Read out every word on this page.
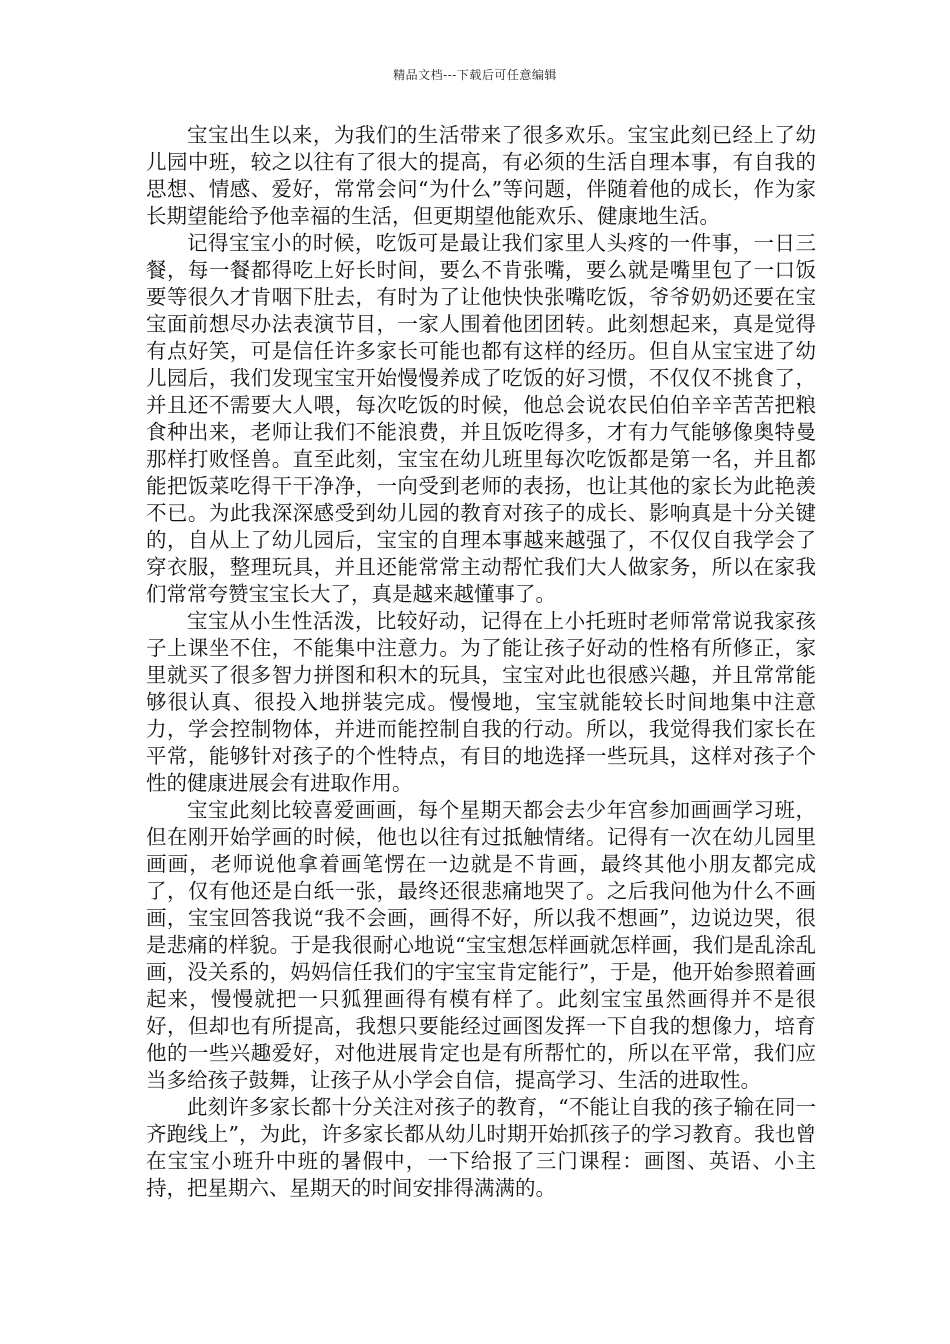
精品文档---下载后可任意编辑

宝宝出生以来，为我们的生活带来了很多欢乐。宝宝此刻已经上了幼儿园中班，较之以往有了很大的提高，有必须的生活自理本事，有自我的思想、情感、爱好，常常会问“为什么”等问题，伴随着他的成长，作为家长期望能给予他幸福的生活，但更期望他能欢乐、健康地生活。

记得宝宝小的时候，吃饭可是最让我们家里人头疼的一件事，一日三餐，每一餐都得吃上好长时间，要么不肯张嘴，要么就是嘴里包了一口饭要等很久才肯咽下肚去，有时为了让他快快张嘴吃饭，爷爷奶奶还要在宝宝面前想尽办法表演节目，一家人围着他团团转。此刻想起来，真是觉得有点好笑，可是信任许多家长可能也都有这样的经历。但自从宝宝进了幼儿园后，我们发现宝宝开始慢慢养成了吃饭的好习惯，不仅仅不挑食了，并且还不需要大人喂，每次吃饭的时候，他总会说农民伯伯辛辛苦苦把粮食种出来，老师让我们不能浪费，并且饭吃得多，才有力气能够像奥特曼那样打败怪兽。直至此刻，宝宝在幼儿班里每次吃饭都是第一名，并且都能把饭菜吃得干干净净，一向受到老师的表扬，也让其他的家长为此艳羡不已。为此我深深感受到幼儿园的教育对孩子的成长、影响真是十分关键的，自从上了幼儿园后，宝宝的自理本事越来越强了，不仅仅自我学会了穿衣服，整理玩具，并且还能常常主动帮忙我们大人做家务，所以在家我们常常夸赞宝宝长大了，真是越来越懂事了。

宝宝从小生性活泼，比较好动，记得在上小托班时老师常常说我家孩子上课坐不住，不能集中注意力。为了能让孩子好动的性格有所修正，家里就买了很多智力拼图和积木的玩具，宝宝对此也很感兴趣，并且常常能够很认真、很投入地拼装完成。慢慢地，宝宝就能较长时间地集中注意力，学会控制物体，并进而能控制自我的行动。所以，我觉得我们家长在平常，能够针对孩子的个性特点，有目的地选择一些玩具，这样对孩子个性的健康进展会有进取作用。

宝宝此刻比较喜爱画画，每个星期天都会去少年宫参加画画学习班，但在刚开始学画的时候，他也以往有过抵触情绪。记得有一次在幼儿园里画画，老师说他拿着画笔愣在一边就是不肯画，最终其他小朋友都完成了，仅有他还是白纸一张，最终还很悲痛地哭了。之后我问他为什么不画画，宝宝回答我说“我不会画，画得不好，所以我不想画”，边说边哭，很是悲痛的样貌。于是我很耐心地说“宝宝想怎样画就怎样画，我们是乱涂乱画，没关系的，妈妈信任我们的宇宝宝肯定能行”，于是，他开始参照着画起来，慢慢就把一只狐狸画得有模有样了。此刻宝宝虽然画得并不是很好，但却也有所提高，我想只要能经过画图发挥一下自我的想像力，培育他的一些兴趣爱好，对他进展肯定也是有所帮忙的，所以在平常，我们应当多给孩子鼓舞，让孩子从小学会自信，提高学习、生活的进取性。

此刻许多家长都十分关注对孩子的教育，“不能让自我的孩子输在同一齐跑线上”，为此，许多家长都从幼儿时期开始抓孩子的学习教育。我也曾在宝宝小班升中班的暑假中，一下给报了三门课程：画图、英语、小主持，把星期六、星期天的时间安排得满满的。
